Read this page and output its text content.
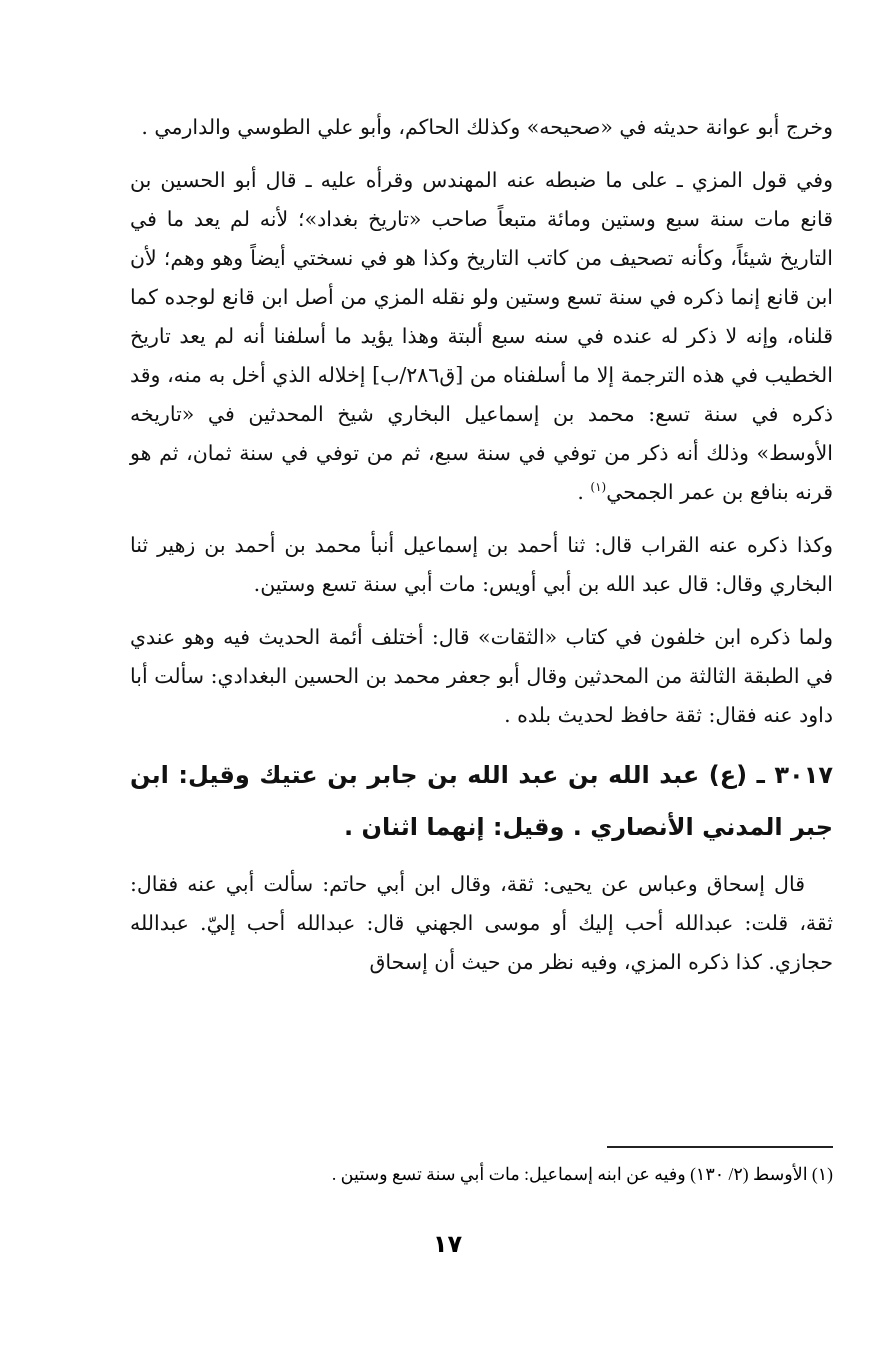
وخرج أبو عوانة حديثه في «صحيحه» وكذلك الحاكم، وأبو علي الطوسي والدارمي .

وفي قول المزي ـ على ما ضبطه عنه المهندس وقرأه عليه ـ قال أبو الحسين بن قانع مات سنة سبع وستين ومائة متبعاً صاحب «تاريخ بغداد»؛ لأنه لم يعد ما في التاريخ شيئاً، وكأنه تصحيف من كاتب التاريخ وكذا هو في نسختي أيضاً وهو وهم؛ لأن ابن قانع إنما ذكره في سنة تسع وستين ولو نقله المزي من أصل ابن قانع لوجده كما قلناه، وإنه لا ذكر له عنده في سنه سبع ألبتة وهذا يؤيد ما أسلفنا أنه لم يعد تاريخ الخطيب في هذه الترجمة إلا ما أسلفناه من [ق٢٨٦/ب] إخلاله الذي أخل به منه، وقد ذكره في سنة تسع: محمد بن إسماعيل البخاري شيخ المحدثين في «تاريخه الأوسط» وذلك أنه ذكر من توفي في سنة سبع، ثم من توفي في سنة ثمان، ثم هو قرنه بنافع بن عمر الجمحي$^{(١)}$ .

وكذا ذكره عنه القراب قال: ثنا أحمد بن إسماعيل أنبأ محمد بن أحمد بن زهير ثنا البخاري وقال: قال عبد الله بن أبي أويس: مات أبي سنة تسع وستين.

ولما ذكره ابن خلفون في كتاب «الثقات» قال: أختلف أئمة الحديث فيه وهو عندي في الطبقة الثالثة من المحدثين وقال أبو جعفر محمد بن الحسين البغدادي: سألت أبا داود عنه فقال: ثقة حافظ لحديث بلده .

٣٠١٧ ـ (ع) عبد الله بن عبد الله بن جابر بن عتيك وقيل: ابن جبر المدني الأنصاري . وقيل: إنهما اثنان .

قال إسحاق وعباس عن يحيى: ثقة، وقال ابن أبي حاتم: سألت أبي عنه فقال: ثقة، قلت: عبدالله أحب إليك أو موسى الجهني قال: عبدالله أحب إليّ. عبدالله حجازي. كذا ذكره المزي، وفيه نظر من حيث أن إسحاق

(١) الأوسط (٢/ ١٣٠) وفيه عن ابنه إسماعيل: مات أبي سنة تسع وستين .

١٧
